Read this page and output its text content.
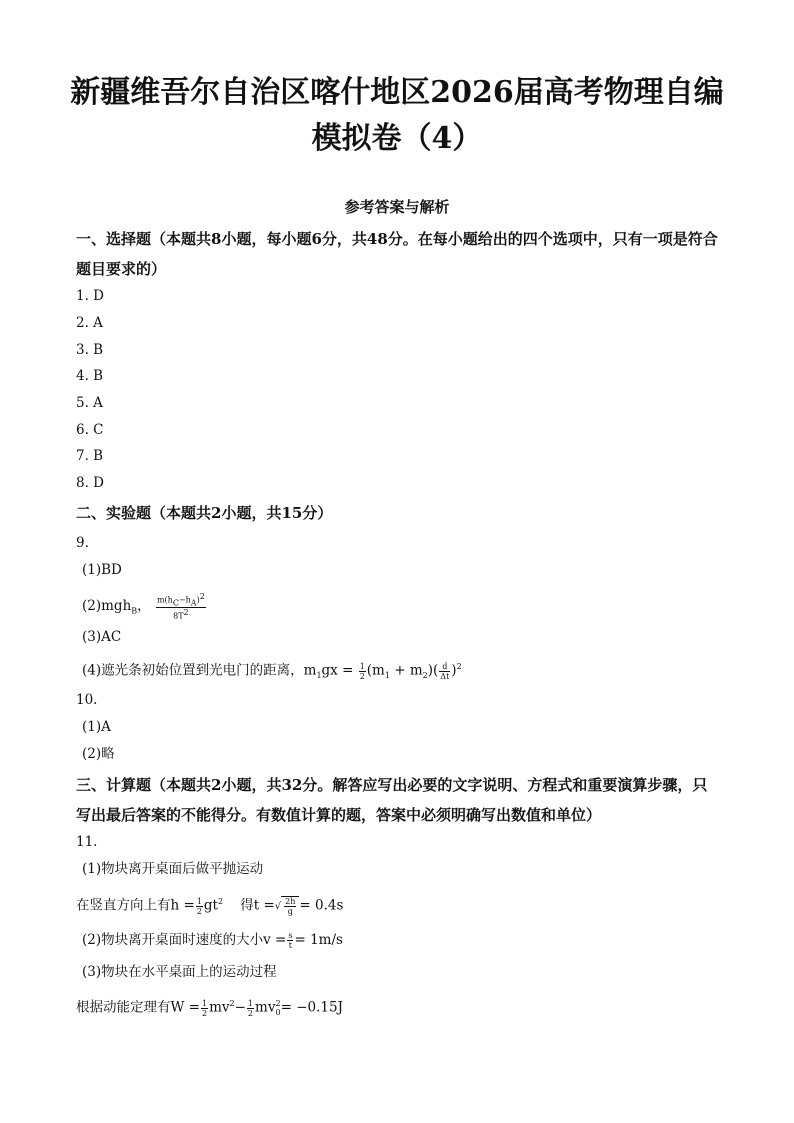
新疆维吾尔自治区喀什地区2026届高考物理自编模拟卷（4）
参考答案与解析
一、选择题（本题共8小题，每小题6分，共48分。在每小题给出的四个选项中，只有一项是符合题目要求的）
1. D
2. A
3. B
4. B
5. A
6. C
7. B
8. D
二、实验题（本题共2小题，共15分）
9.
(1)BD
(2)mgh$_B$， $\frac{m(h_C-h_A)^2}{8T^2}$
(3)AC
(4)遮光条初始位置到光电门的距离，$m_1gx = \frac{1}{2} (m_1 + m_2)( \frac{d}{\Delta t} )^2$
10.
(1)A
(2)略
三、计算题（本题共2小题，共32分。解答应写出必要的文字说明、方程式和重要演算步骤，只写出最后答案的不能得分。有数值计算的题，答案中必须明确写出数值和单位）
11.
(1)物块离开桌面后做平抛运动
在竖直方向上有$h = \frac{1}{2} gt^2$ 得t =√ $\frac{2h}{g} = 0.4s$
(2)物块离开桌面时速度的大小$v = \frac{s}{t} = 1m/s$
(3)物块在水平桌面上的运动过程
根据动能定理有$W = \frac{1}{2} mv^2- \frac{1}{2} mv^2_0= -0.15J$
